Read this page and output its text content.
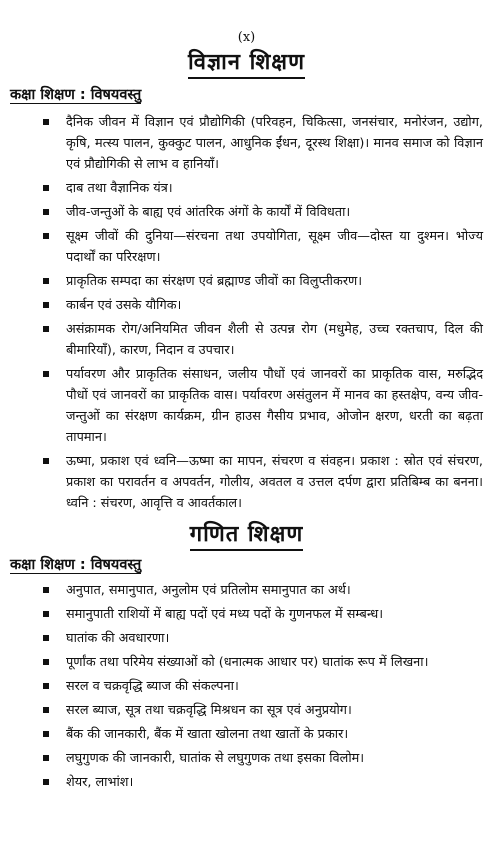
(x)
विज्ञान शिक्षण
कक्षा शिक्षण : विषयवस्तु
दैनिक जीवन में विज्ञान एवं प्रौद्योगिकी (परिवहन, चिकित्सा, जनसंचार, मनोरंजन, उद्योग, कृषि, मत्स्य पालन, कुक्कुट पालन, आधुनिक ईंधन, दूरस्थ शिक्षा)। मानव समाज को विज्ञान एवं प्रौद्योगिकी से लाभ व हानियाँ।
दाब तथा वैज्ञानिक यंत्र।
जीव-जन्तुओं के बाह्य एवं आंतरिक अंगों के कार्यों में विविधता।
सूक्ष्म जीवों की दुनिया—संरचना तथा उपयोगिता, सूक्ष्म जीव—दोस्त या दुश्मन। भोज्य पदार्थों का परिरक्षण।
प्राकृतिक सम्पदा का संरक्षण एवं ब्रह्माण्ड जीवों का विलुप्तीकरण।
कार्बन एवं उसके यौगिक।
असंक्रामक रोग/अनियमित जीवन शैली से उत्पन्न रोग (मधुमेह, उच्च रक्तचाप, दिल की बीमारियाँ), कारण, निदान व उपचार।
पर्यावरण और प्राकृतिक संसाधन, जलीय पौधों एवं जानवरों का प्राकृतिक वास, मरुद्भिद पौधों एवं जानवरों का प्राकृतिक वास। पर्यावरण असंतुलन में मानव का हस्तक्षेप, वन्य जीव-जन्तुओं का संरक्षण कार्यक्रम, ग्रीन हाउस गैसीय प्रभाव, ओजोन क्षरण, धरती का बढ़ता तापमान।
ऊष्मा, प्रकाश एवं ध्वनि—ऊष्मा का मापन, संचरण व संवहन। प्रकाश : स्रोत एवं संचरण, प्रकाश का परावर्तन व अपवर्तन, गोलीय, अवतल व उत्तल दर्पण द्वारा प्रतिबिम्ब का बनना। ध्वनि : संचरण, आवृत्ति व आवर्तकाल।
गणित शिक्षण
कक्षा शिक्षण : विषयवस्तु
अनुपात, समानुपात, अनुलोम एवं प्रतिलोम समानुपात का अर्थ।
समानुपाती राशियों में बाह्य पदों एवं मध्य पदों के गुणनफल में सम्बन्ध।
घातांक की अवधारणा।
पूर्णांक तथा परिमेय संख्याओं को (धनात्मक आधार पर) घातांक रूप में लिखना।
सरल व चक्रवृद्धि ब्याज की संकल्पना।
सरल ब्याज, सूत्र तथा चक्रवृद्धि मिश्रधन का सूत्र एवं अनुप्रयोग।
बैंक की जानकारी, बैंक में खाता खोलना तथा खातों के प्रकार।
लघुगुणक की जानकारी, घातांक से लघुगुणक तथा इसका विलोम।
शेयर, लाभांश।
